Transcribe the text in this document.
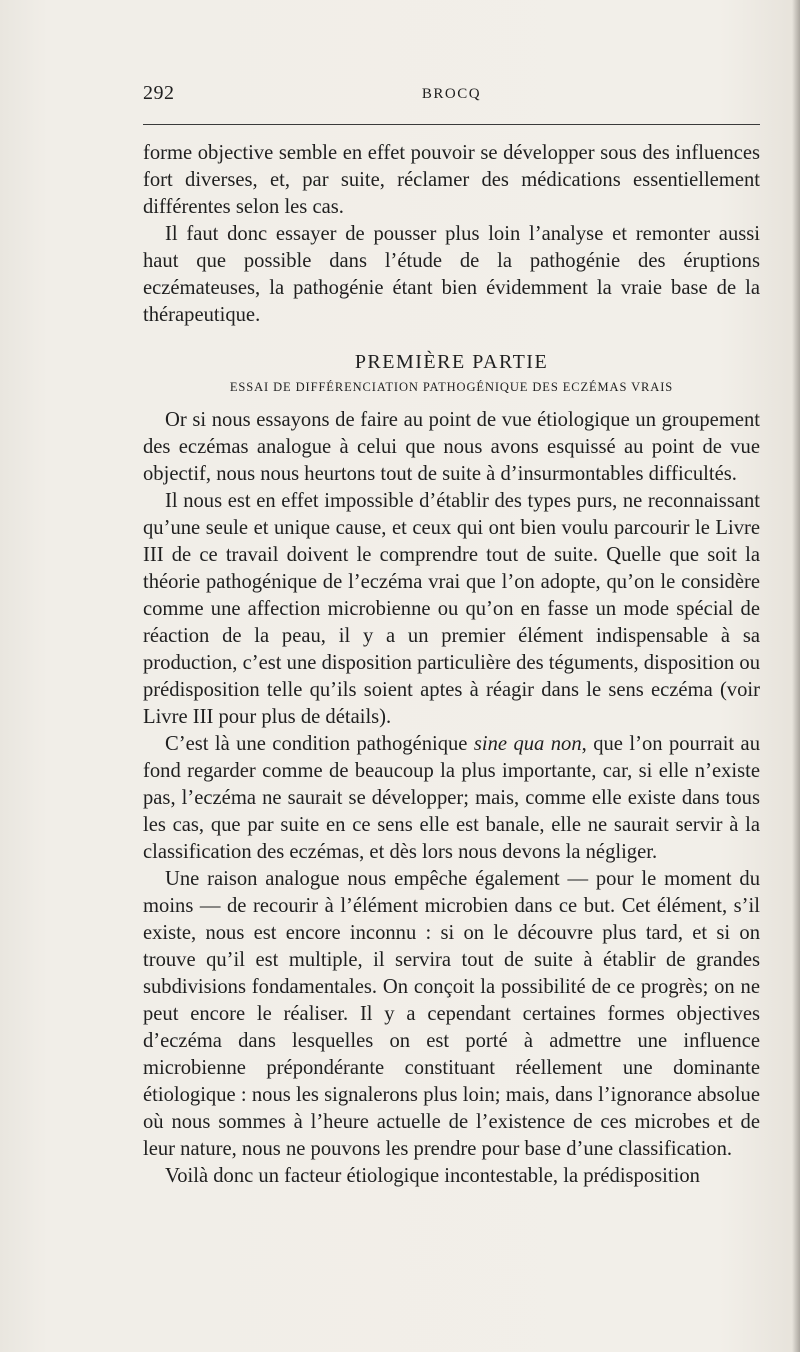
292	BROCQ

forme objective semble en effet pouvoir se développer sous des influences fort diverses, et, par suite, réclamer des médications essentiellement différentes selon les cas.

Il faut donc essayer de pousser plus loin l’analyse et remonter aussi haut que possible dans l’étude de la pathogénie des éruptions eczémateuses, la pathogénie étant bien évidemment la vraie base de la thérapeutique.

PREMIÈRE PARTIE
ESSAI DE DIFFÉRENCIATION PATHOGÉNIQUE DES ECZÉMAS VRAIS

Or si nous essayons de faire au point de vue étiologique un groupement des eczémas analogue à celui que nous avons esquissé au point de vue objectif, nous nous heurtons tout de suite à d’insurmontables difficultés.

Il nous est en effet impossible d’établir des types purs, ne reconnaissant qu’une seule et unique cause, et ceux qui ont bien voulu parcourir le Livre III de ce travail doivent le comprendre tout de suite. Quelle que soit la théorie pathogénique de l’eczéma vrai que l’on adopte, qu’on le considère comme une affection microbienne ou qu’on en fasse un mode spécial de réaction de la peau, il y a un premier élément indispensable à sa production, c’est une disposition particulière des téguments, disposition ou prédisposition telle qu’ils soient aptes à réagir dans le sens eczéma (voir Livre III pour plus de détails).

C’est là une condition pathogénique sine qua non, que l’on pourrait au fond regarder comme de beaucoup la plus importante, car, si elle n’existe pas, l’eczéma ne saurait se développer; mais, comme elle existe dans tous les cas, que par suite en ce sens elle est banale, elle ne saurait servir à la classification des eczémas, et dès lors nous devons la négliger.

Une raison analogue nous empêche également — pour le moment du moins — de recourir à l’élément microbien dans ce but. Cet élément, s’il existe, nous est encore inconnu : si on le découvre plus tard, et si on trouve qu’il est multiple, il servira tout de suite à établir de grandes subdivisions fondamentales. On conçoit la possibilité de ce progrès; on ne peut encore le réaliser. Il y a cependant certaines formes objectives d’eczéma dans lesquelles on est porté à admettre une influence microbienne prépondérante constituant réellement une dominante étiologique : nous les signalerons plus loin; mais, dans l’ignorance absolue où nous sommes à l’heure actuelle de l’existence de ces microbes et de leur nature, nous ne pouvons les prendre pour base d’une classification.

Voilà donc un facteur étiologique incontestable, la prédisposition
